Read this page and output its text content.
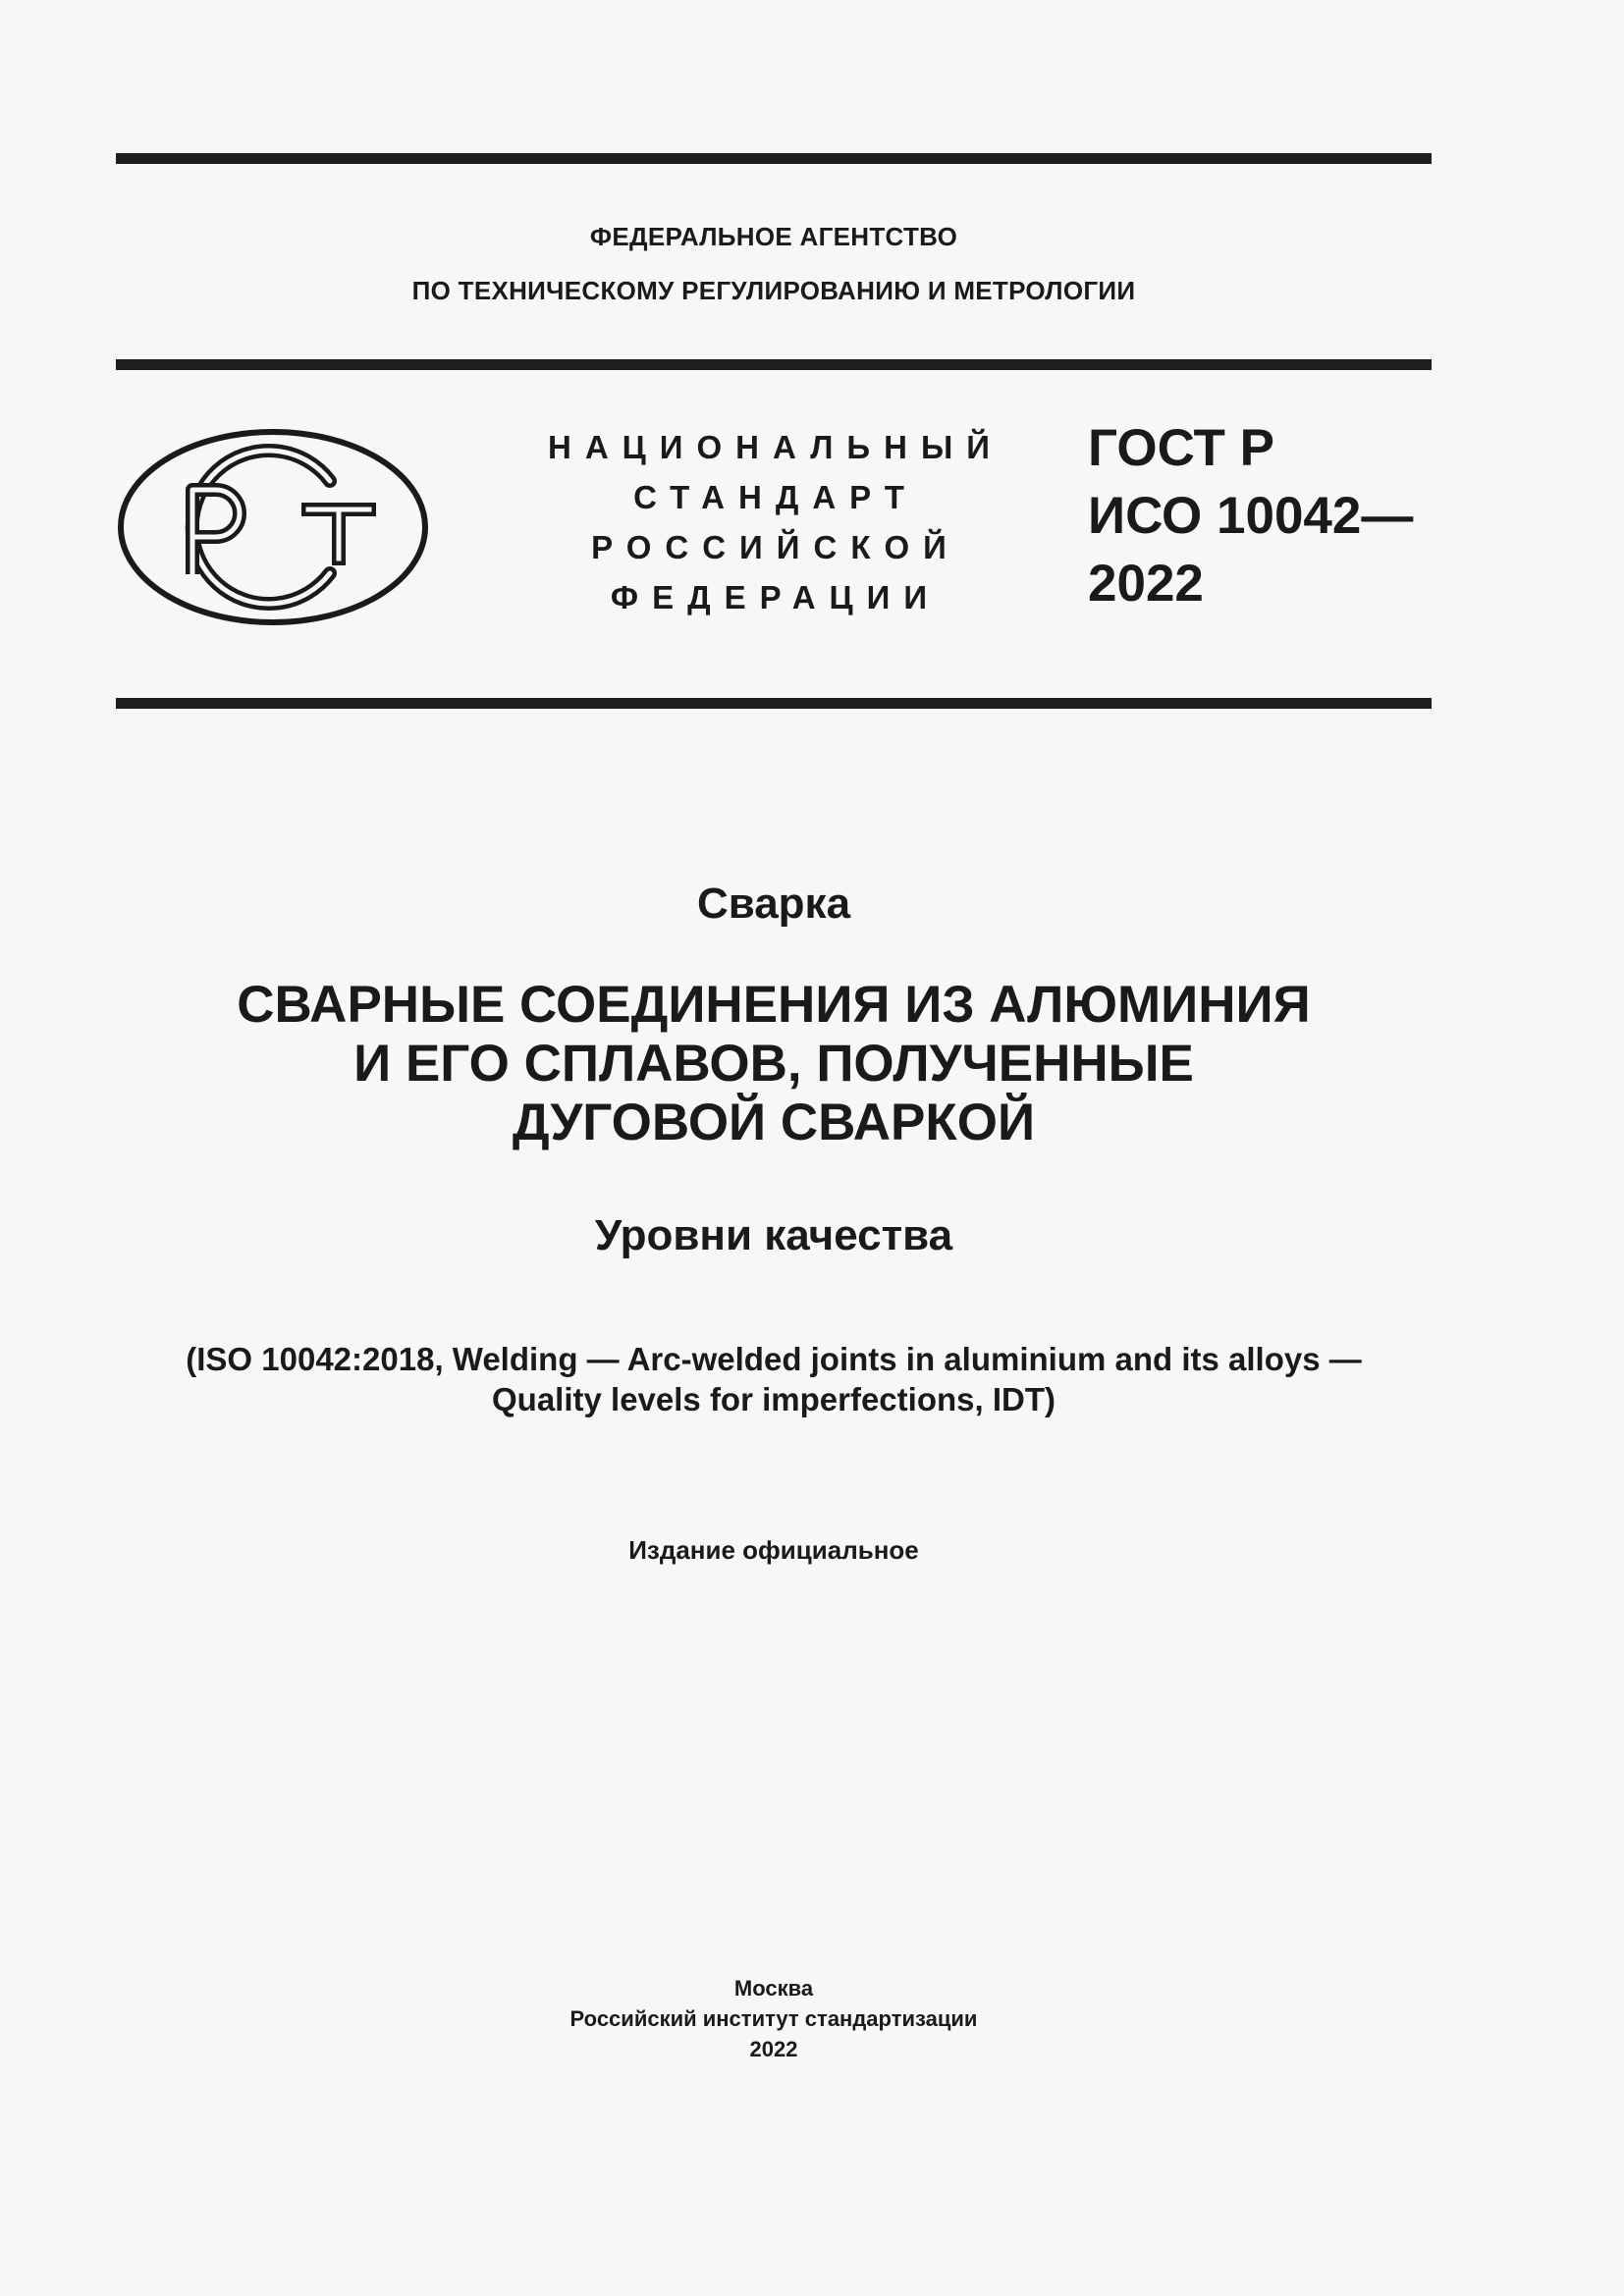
ФЕДЕРАЛЬНОЕ АГЕНТСТВО
ПО ТЕХНИЧЕСКОМУ РЕГУЛИРОВАНИЮ И МЕТРОЛОГИИ
НАЦИОНАЛЬНЫЙ
СТАНДАРТ
РОССИЙСКОЙ
ФЕДЕРАЦИИ
ГОСТ Р
ИСО 10042—
2022
Сварка
СВАРНЫЕ СОЕДИНЕНИЯ ИЗ АЛЮМИНИЯ
И ЕГО СПЛАВОВ, ПОЛУЧЕННЫЕ
ДУГОВОЙ СВАРКОЙ
Уровни качества
(ISO 10042:2018, Welding — Arc-welded joints in aluminium and its alloys —
Quality levels for imperfections, IDT)
Издание официальное
Москва
Российский институт стандартизации
2022
